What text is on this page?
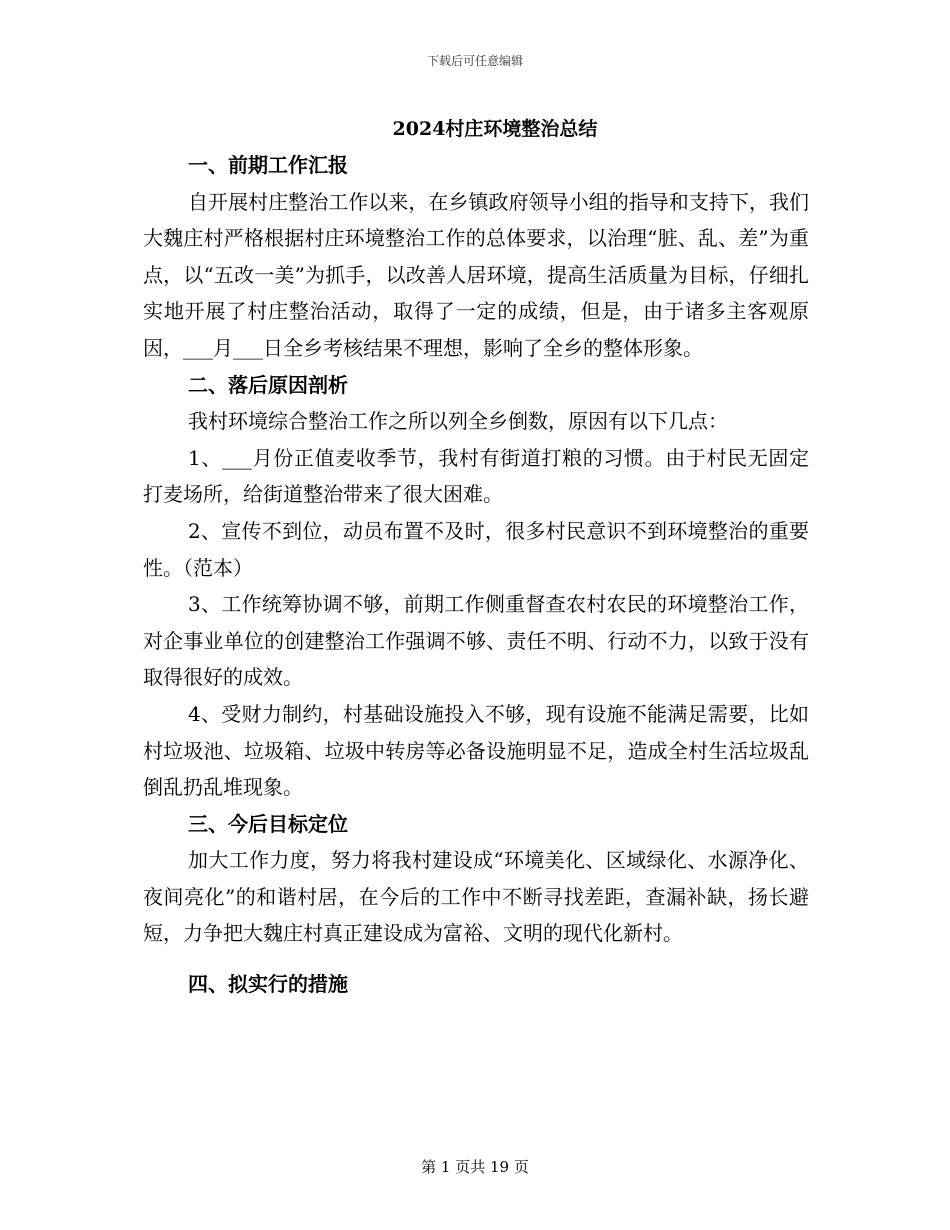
下载后可任意编辑
2024村庄环境整治总结

一、前期工作汇报

自开展村庄整治工作以来，在乡镇政府领导小组的指导和支持下，我们大魏庄村严格根据村庄环境整治工作的总体要求，以治理“脏、乱、差”为重点，以“五改一美”为抓手，以改善人居环境，提高生活质量为目标，仔细扎实地开展了村庄整治活动，取得了一定的成绩，但是，由于诸多主客观原因，___月___日全乡考核结果不理想，影响了全乡的整体形象。

二、落后原因剖析

我村环境综合整治工作之所以列全乡倒数，原因有以下几点：

1、___月份正值麦收季节，我村有街道打粮的习惯。由于村民无固定打麦场所，给街道整治带来了很大困难。

2、宣传不到位，动员布置不及时，很多村民意识不到环境整治的重要性。（范本）

3、工作统筹协调不够，前期工作侧重督查农村农民的环境整治工作，对企事业单位的创建整治工作强调不够、责任不明、行动不力，以致于没有取得很好的成效。

4、受财力制约，村基础设施投入不够，现有设施不能满足需要，比如村垃圾池、垃圾箱、垃圾中转房等必备设施明显不足，造成全村生活垃圾乱倒乱扔乱堆现象。

三、今后目标定位

加大工作力度，努力将我村建设成“环境美化、区域绿化、水源净化、夜间亮化”的和谐村居，在今后的工作中不断寻找差距，查漏补缺，扬长避短，力争把大魏庄村真正建设成为富裕、文明的现代化新村。

四、拟实行的措施

第 1 页共 19 页
